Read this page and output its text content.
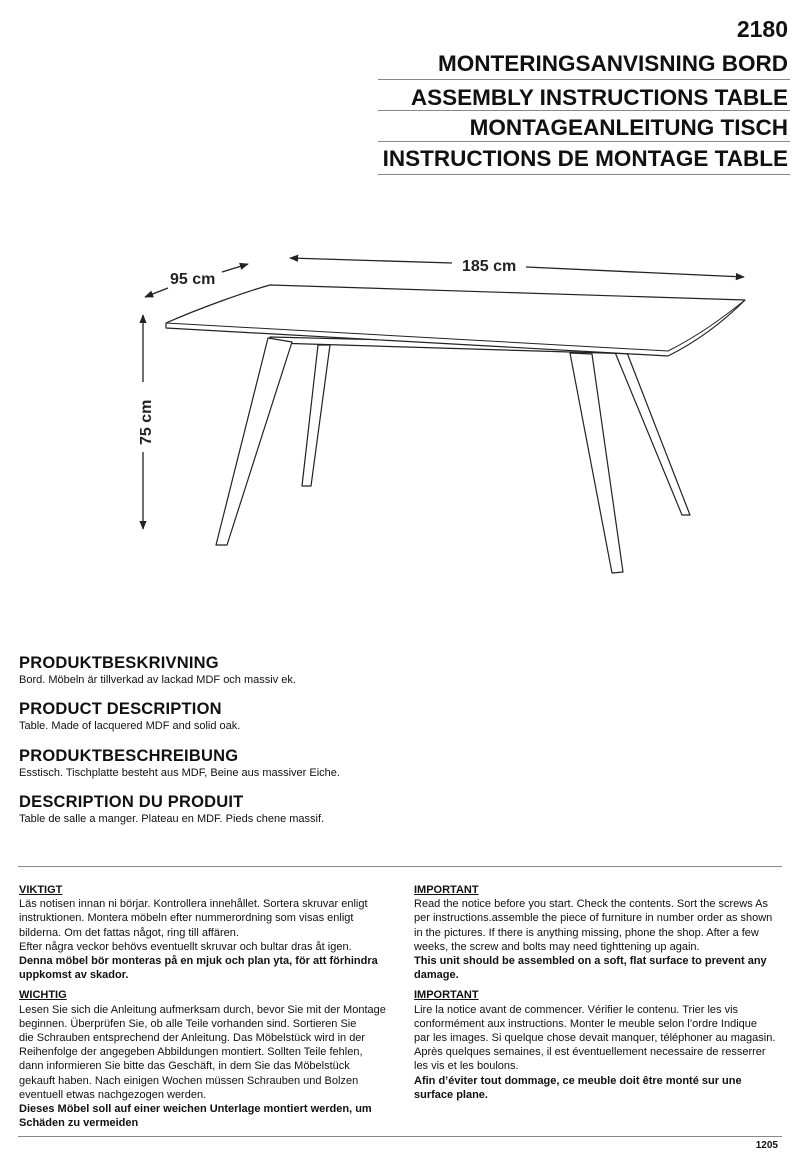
2180
MONTERINGSANVISNING BORD
ASSEMBLY INSTRUCTIONS TABLE
MONTAGEANLEITUNG TISCH
INSTRUCTIONS DE MONTAGE TABLE
185 cm
95 cm
75 cm
PRODUKTBESKRIVNING

Bord. Möbeln är tillverkad av lackad MDF och massiv ek.

PRODUCT DESCRIPTION

Table. Made of lacquered MDF and solid oak.

PRODUKTBESCHREIBUNG

Esstisch. Tischplatte besteht aus MDF, Beine aus massiver Eiche.

DESCRIPTION DU PRODUIT

Table de salle a manger. Plateau en MDF. Pieds chene massif.

VIKTIGT

Läs notisen innan ni börjar. Kontrollera innehållet. Sortera skruvar enligt

instruktionen. Montera möbeln efter nummerordning som visas enligt

bilderna. Om det fattas något, ring till affären.

Efter några veckor behövs eventuellt skruvar och bultar dras åt igen.

Denna möbel bör monteras på en mjuk och plan yta, för att förhindra

uppkomst av skador.

WICHTIG

Lesen Sie sich die Anleitung aufmerksam durch, bevor Sie mit der Montage

beginnen. Überprüfen Sie, ob alle Teile vorhanden sind. Sortieren Sie

die Schrauben entsprechend der Anleitung. Das Möbelstück wird in der

Reihenfolge der angegeben Abbildungen montiert. Sollten Teile fehlen,

dann informieren Sie bitte das Geschäft, in dem Sie das Möbelstück

gekauft haben. Nach einigen Wochen müssen Schrauben und Bolzen

eventuell etwas nachgezogen werden.

Dieses Möbel soll auf einer weichen Unterlage montiert werden, um

Schäden zu vermeiden

IMPORTANT

Read the notice before you start. Check the contents. Sort the screws As

per instructions.assemble the piece of furniture in number order as shown

in the pictures. If there is anything missing, phone the shop. After a few

weeks, the screw and bolts may need tighttening up again.

This unit should be assembled on a soft, flat surface to prevent any

damage.

IMPORTANT

Lire la notice avant de commencer. Vérifier le contenu. Trier les vis

conformément aux instructions. Monter le meuble selon l’ordre Indique

par les images. Si quelque chose devait manquer, téléphoner au magasin.

Après quelques semaines, il est éventuellement necessaire de resserrer

les vis et les boulons.

Afin d’éviter tout dommage, ce meuble doit être monté sur une

surface plane.

1205
